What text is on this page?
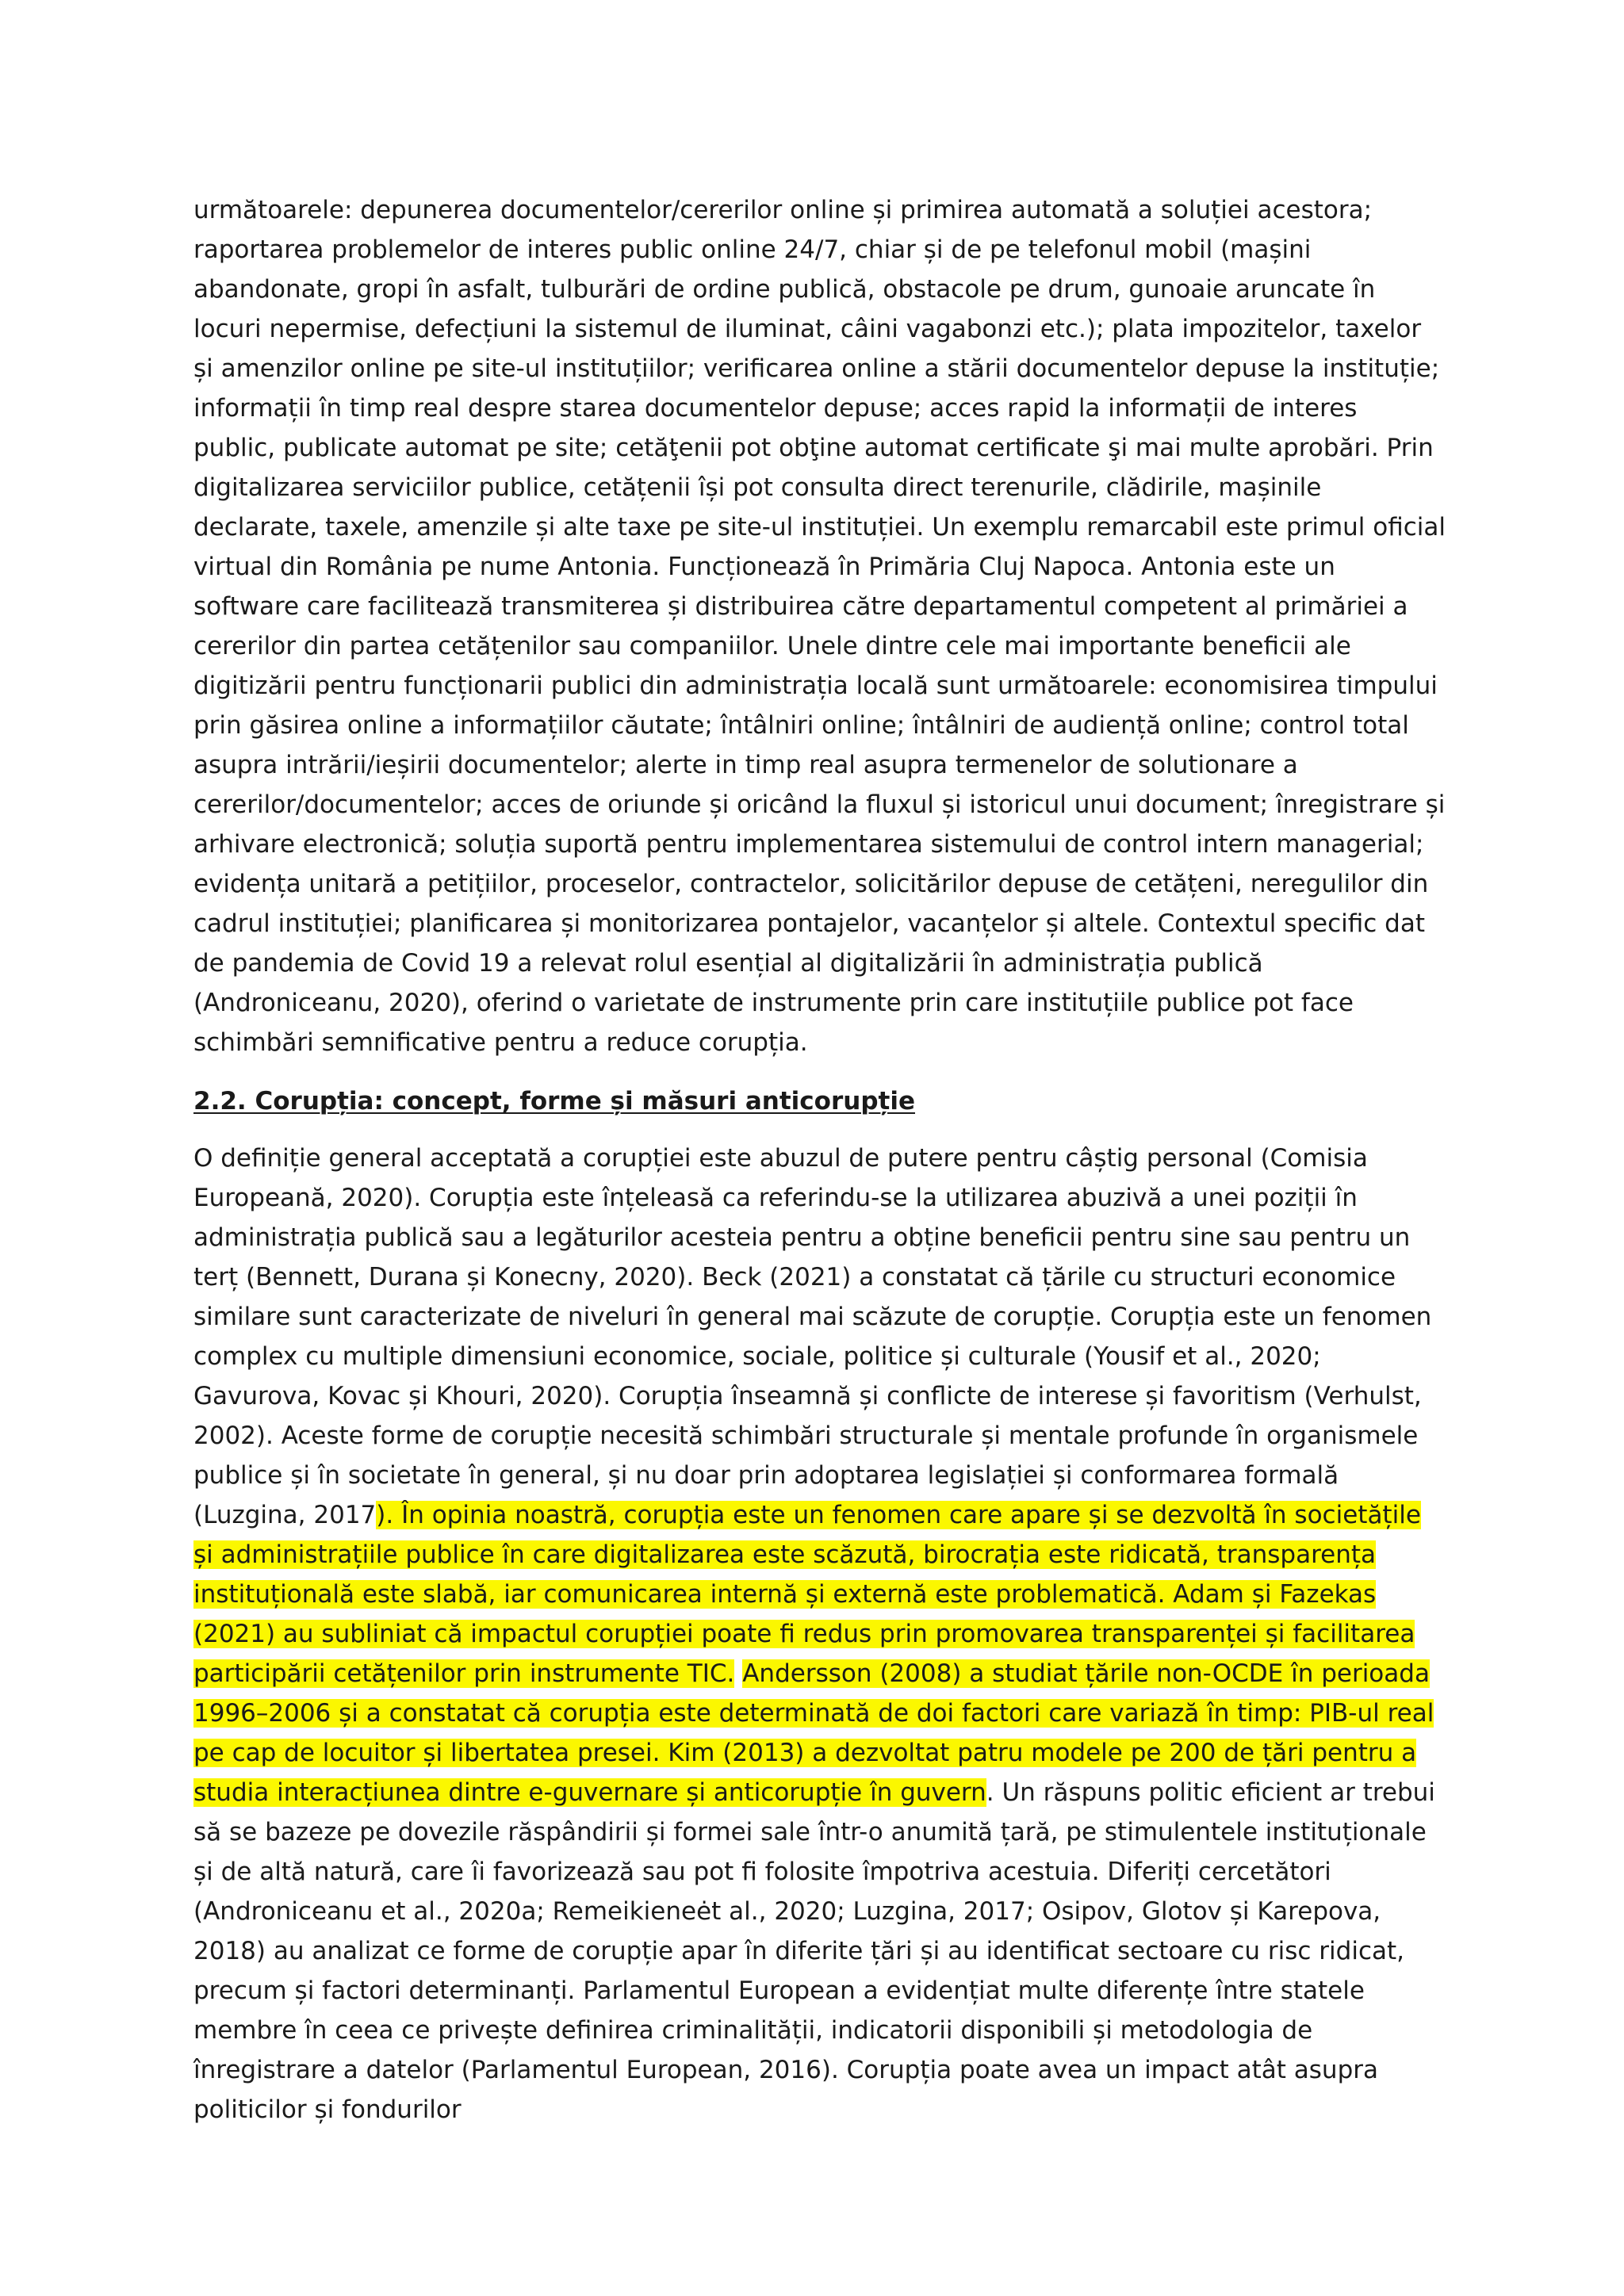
următoarele: depunerea documentelor/cererilor online și primirea automată a soluției acestora; raportarea problemelor de interes public online 24/7, chiar și de pe telefonul mobil (mașini abandonate, gropi în asfalt, tulburări de ordine publică, obstacole pe drum, gunoaie aruncate în locuri nepermise, defecțiuni la sistemul de iluminat, câini vagabonzi etc.); plata impozitelor, taxelor și amenzilor online pe site-ul instituțiilor; verificarea online a stării documentelor depuse la instituție; informații în timp real despre starea documentelor depuse; acces rapid la informații de interes public, publicate automat pe site; cetăţenii pot obţine automat certificate şi mai multe aprobări. Prin digitalizarea serviciilor publice, cetățenii își pot consulta direct terenurile, clădirile, mașinile declarate, taxele, amenzile și alte taxe pe site-ul instituției. Un exemplu remarcabil este primul oficial virtual din România pe nume Antonia. Funcționează în Primăria Cluj Napoca. Antonia este un software care facilitează transmiterea și distribuirea către departamentul competent al primăriei a cererilor din partea cetățenilor sau companiilor. Unele dintre cele mai importante beneficii ale digitizării pentru funcționarii publici din administrația locală sunt următoarele: economisirea timpului prin găsirea online a informațiilor căutate; întâlniri online; întâlniri de audiență online; control total asupra intrării/ieșirii documentelor; alerte in timp real asupra termenelor de solutionare a cererilor/documentelor; acces de oriunde și oricând la fluxul și istoricul unui document; înregistrare și arhivare electronică; soluția suportă pentru implementarea sistemului de control intern managerial; evidența unitară a petițiilor, proceselor, contractelor, solicitărilor depuse de cetățeni, neregulilor din cadrul instituției; planificarea și monitorizarea pontajelor, vacanțelor și altele. Contextul specific dat de pandemia de Covid 19 a relevat rolul esențial al digitalizării în administrația publică (Androniceanu, 2020), oferind o varietate de instrumente prin care instituțiile publice pot face schimbări semnificative pentru a reduce corupția.

2.2. Corupția: concept, forme și măsuri anticorupție

O definiție general acceptată a corupției este abuzul de putere pentru câștig personal (Comisia Europeană, 2020). Corupția este înțeleasă ca referindu-se la utilizarea abuzivă a unei poziții în administrația publică sau a legăturilor acesteia pentru a obține beneficii pentru sine sau pentru un terț (Bennett, Durana și Konecny, 2020). Beck (2021) a constatat că țările cu structuri economice similare sunt caracterizate de niveluri în general mai scăzute de corupție. Corupția este un fenomen complex cu multiple dimensiuni economice, sociale, politice și culturale (Yousif et al., 2020; Gavurova, Kovac și Khouri, 2020). Corupția înseamnă și conflicte de interese și favoritism (Verhulst, 2002). Aceste forme de corupție necesită schimbări structurale și mentale profunde în organismele publice și în societate în general, și nu doar prin adoptarea legislației și conformarea formală (Luzgina, 2017). În opinia noastră, corupția este un fenomen care apare și se dezvoltă în societățile și administrațiile publice în care digitalizarea este scăzută, birocrația este ridicată, transparența instituțională este slabă, iar comunicarea internă și externă este problematică. Adam și Fazekas (2021) au subliniat că impactul corupției poate fi redus prin promovarea transparenței și facilitarea participării cetățenilor prin instrumente TIC. Andersson (2008) a studiat țările non-OCDE în perioada 1996–2006 și a constatat că corupția este determinată de doi factori care variază în timp: PIB-ul real pe cap de locuitor și libertatea presei. Kim (2013) a dezvoltat patru modele pe 200 de țări pentru a studia interacțiunea dintre e-guvernare și anticorupție în guvern. Un răspuns politic eficient ar trebui să se bazeze pe dovezile răspândirii și formei sale într-o anumită țară, pe stimulentele instituționale și de altă natură, care îi favorizează sau pot fi folosite împotriva acestuia. Diferiți cercetători (Androniceanu et al., 2020a; Remeikieneėt al., 2020; Luzgina, 2017; Osipov, Glotov și Karepova, 2018) au analizat ce forme de corupție apar în diferite țări și au identificat sectoare cu risc ridicat, precum și factori determinanți. Parlamentul European a evidențiat multe diferențe între statele membre în ceea ce privește definirea criminalității, indicatorii disponibili și metodologia de înregistrare a datelor (Parlamentul European, 2016). Corupția poate avea un impact atât asupra politicilor și fondurilor
